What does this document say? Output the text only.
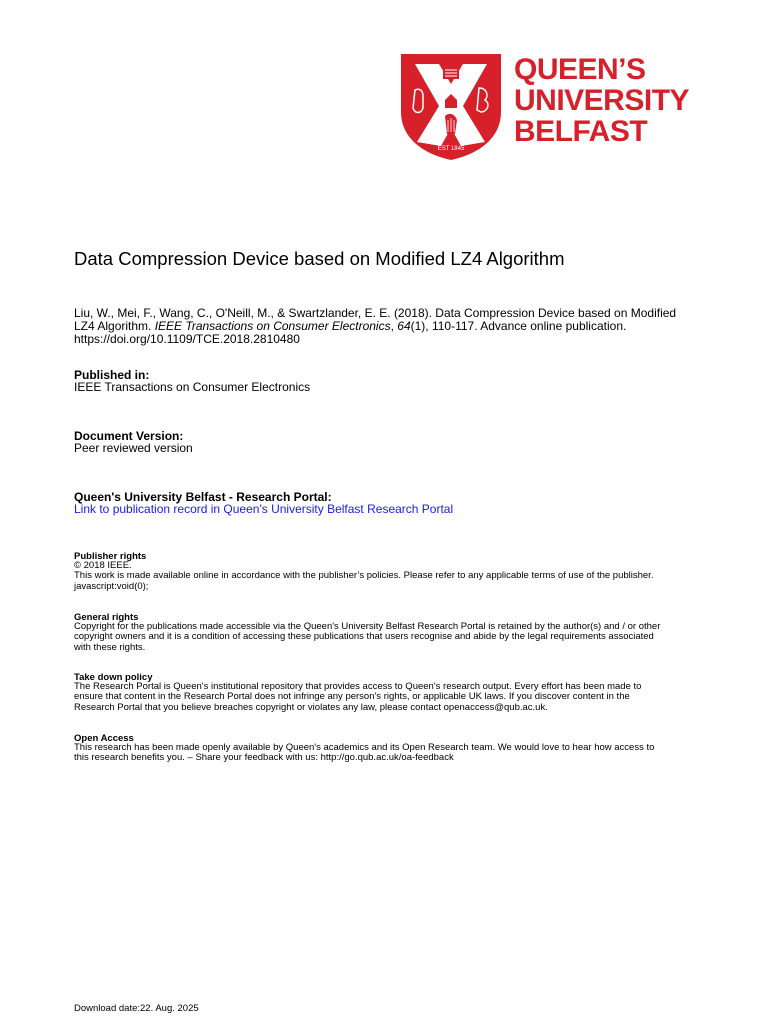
EST 1845
QUEEN’S
UNIVERSITY
BELFAST
Data Compression Device based on Modified LZ4 Algorithm
Liu, W., Mei, F., Wang, C., O'Neill, M., & Swartzlander, E. E. (2018). Data Compression Device based on Modified LZ4 Algorithm. IEEE Transactions on Consumer Electronics, 64(1), 110-117. Advance online publication. https://doi.org/10.1109/TCE.2018.2810480
Published in:
IEEE Transactions on Consumer Electronics
Document Version:
Peer reviewed version
Queen's University Belfast - Research Portal:
Link to publication record in Queen's University Belfast Research Portal
Publisher rights
© 2018 IEEE.
This work is made available online in accordance with the publisher’s policies. Please refer to any applicable terms of use of the publisher.
javascript:void(0);
General rights
Copyright for the publications made accessible via the Queen's University Belfast Research Portal is retained by the author(s) and / or other
copyright owners and it is a condition of accessing these publications that users recognise and abide by the legal requirements associated
with these rights.
Take down policy
The Research Portal is Queen's institutional repository that provides access to Queen's research output. Every effort has been made to
ensure that content in the Research Portal does not infringe any person's rights, or applicable UK laws. If you discover content in the
Research Portal that you believe breaches copyright or violates any law, please contact openaccess@qub.ac.uk.
Open Access
This research has been made openly available by Queen's academics and its Open Research team. We would love to hear how access to
this research benefits you. – Share your feedback with us: http://go.qub.ac.uk/oa-feedback
Download date:22. Aug. 2025
